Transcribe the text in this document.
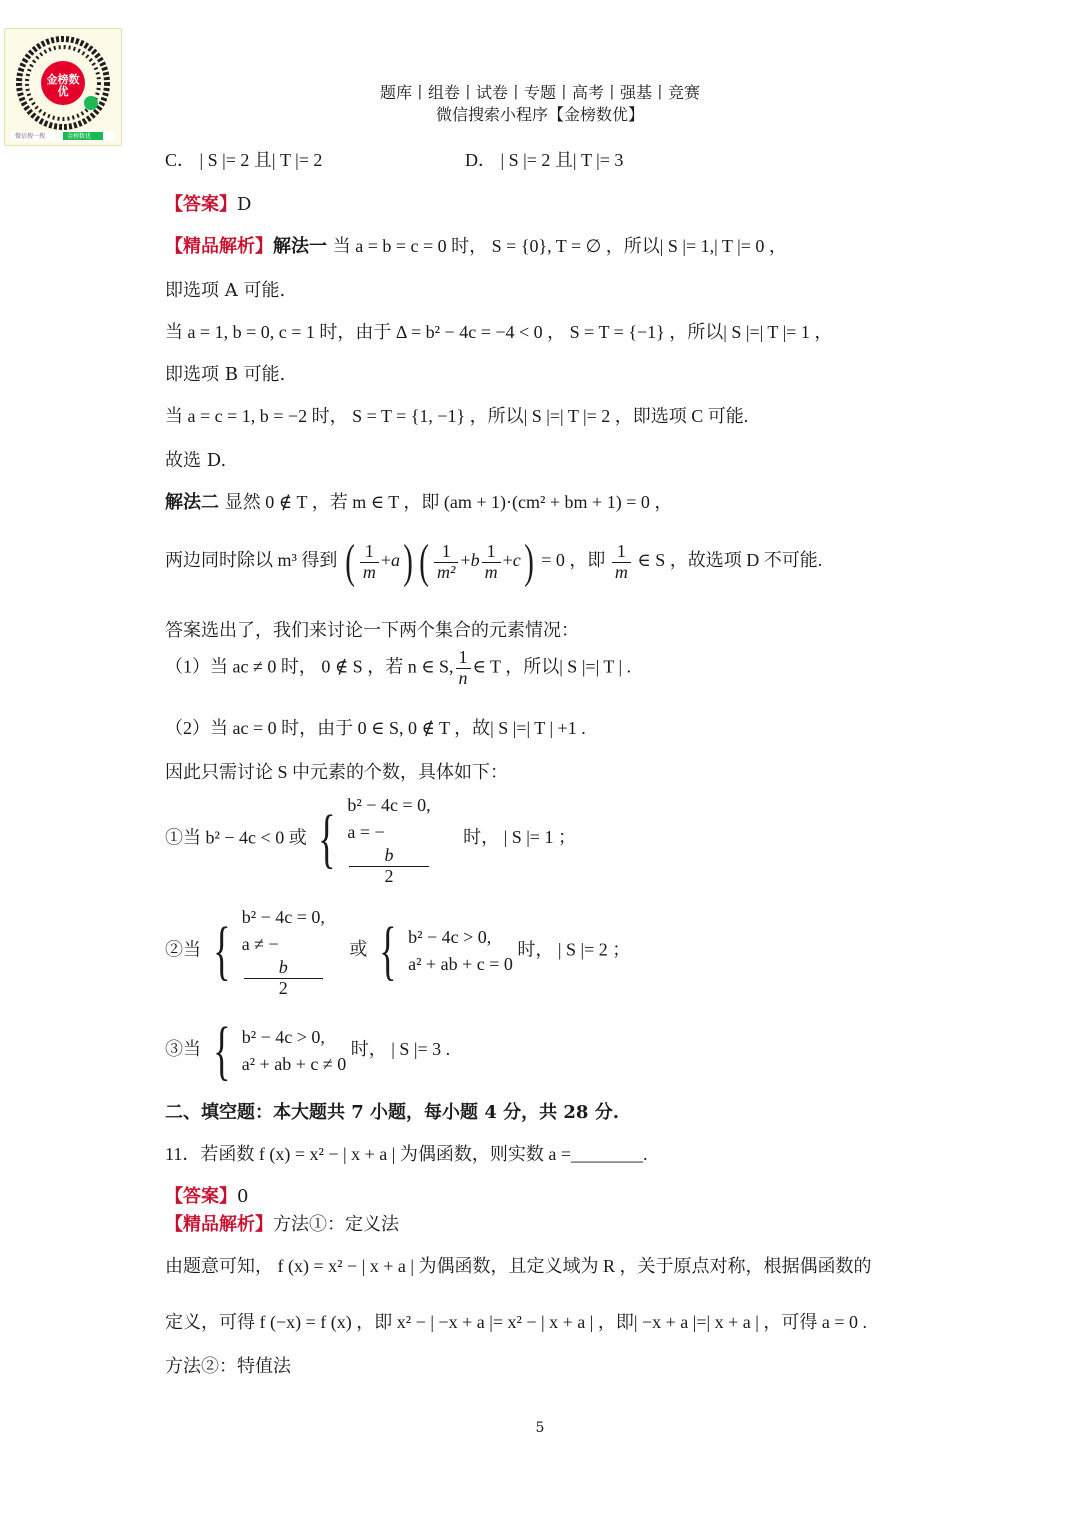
金榜数优
微信搜一搜	金榜数优
题库丨组卷丨试卷丨专题丨高考丨强基丨竞赛
微信搜索小程序【金榜数优】
C． | S |= 2 且| T |= 2	D． | S |= 2 且| T |= 3
【答案】D
【精品解析】解法一 当 a = b = c = 0 时， S = {0}, T = ∅ ，所以| S |= 1,| T |= 0 ，
即选项 A 可能.
当 a = 1, b = 0, c = 1 时，由于 Δ = b² − 4c = −4 < 0 ， S = T = {−1} ，所以| S |=| T |= 1 ，
即选项 B 可能.
当 a = c = 1, b = −2 时， S = T = {1, −1} ，所以| S |=| T |= 2 ，即选项 C 可能.
故选 D.
解法二 显然 0 ∉ T ，若 m ∈ T ，即 (am + 1)·(cm² + bm + 1) = 0 ，
两边同时除以 m³ 得到 ( $\frac{1}{m} +a$) ( $\frac{1}{\text{m²}} +b \frac{1}{m} +c) = 0$ ，即 $\frac{1}{m}$ ∈ S ，故选项 D 不可能.
答案选出了，我们来讨论一下两个集合的元素情况：
（1）当 ac ≠ 0 时， 0 ∉ S ，若 n ∈ S, $\frac{1}{n}$ ∈ T ，所以| S |=| T | .
（2）当 ac = 0 时，由于 0 ∈ S, 0 ∉ T ，故| S |=| T | +1 .
因此只需讨论 S 中元素的个数，具体如下：
①当 b² − 4c < 0 或 { b² − 4c = 0,
a = −
b
2
时， | S |= 1 ；
②当 { b² − 4c = 0,
a ≠ −
b
2
或 { b² − 4c > 0,
a² + ab + c = 0
时， | S |= 2 ；
③当 { b² − 4c > 0,
a² + ab + c ≠ 0
时， | S |= 3 .
二、填空题：本大题共 7 小题，每小题 4 分，共 28 分.
11．若函数 f (x) = x² − | x + a | 为偶函数，则实数 a =________.
【答案】0
【精品解析】方法①：定义法
由题意可知， f (x) = x² − | x + a | 为偶函数，且定义域为 R ，关于原点对称，根据偶函数的
定义，可得 f (−x) = f (x) ，即 x² − | −x + a |= x² − | x + a | ，即| −x + a |=| x + a | ，可得 a = 0 .
方法②：特值法
5
